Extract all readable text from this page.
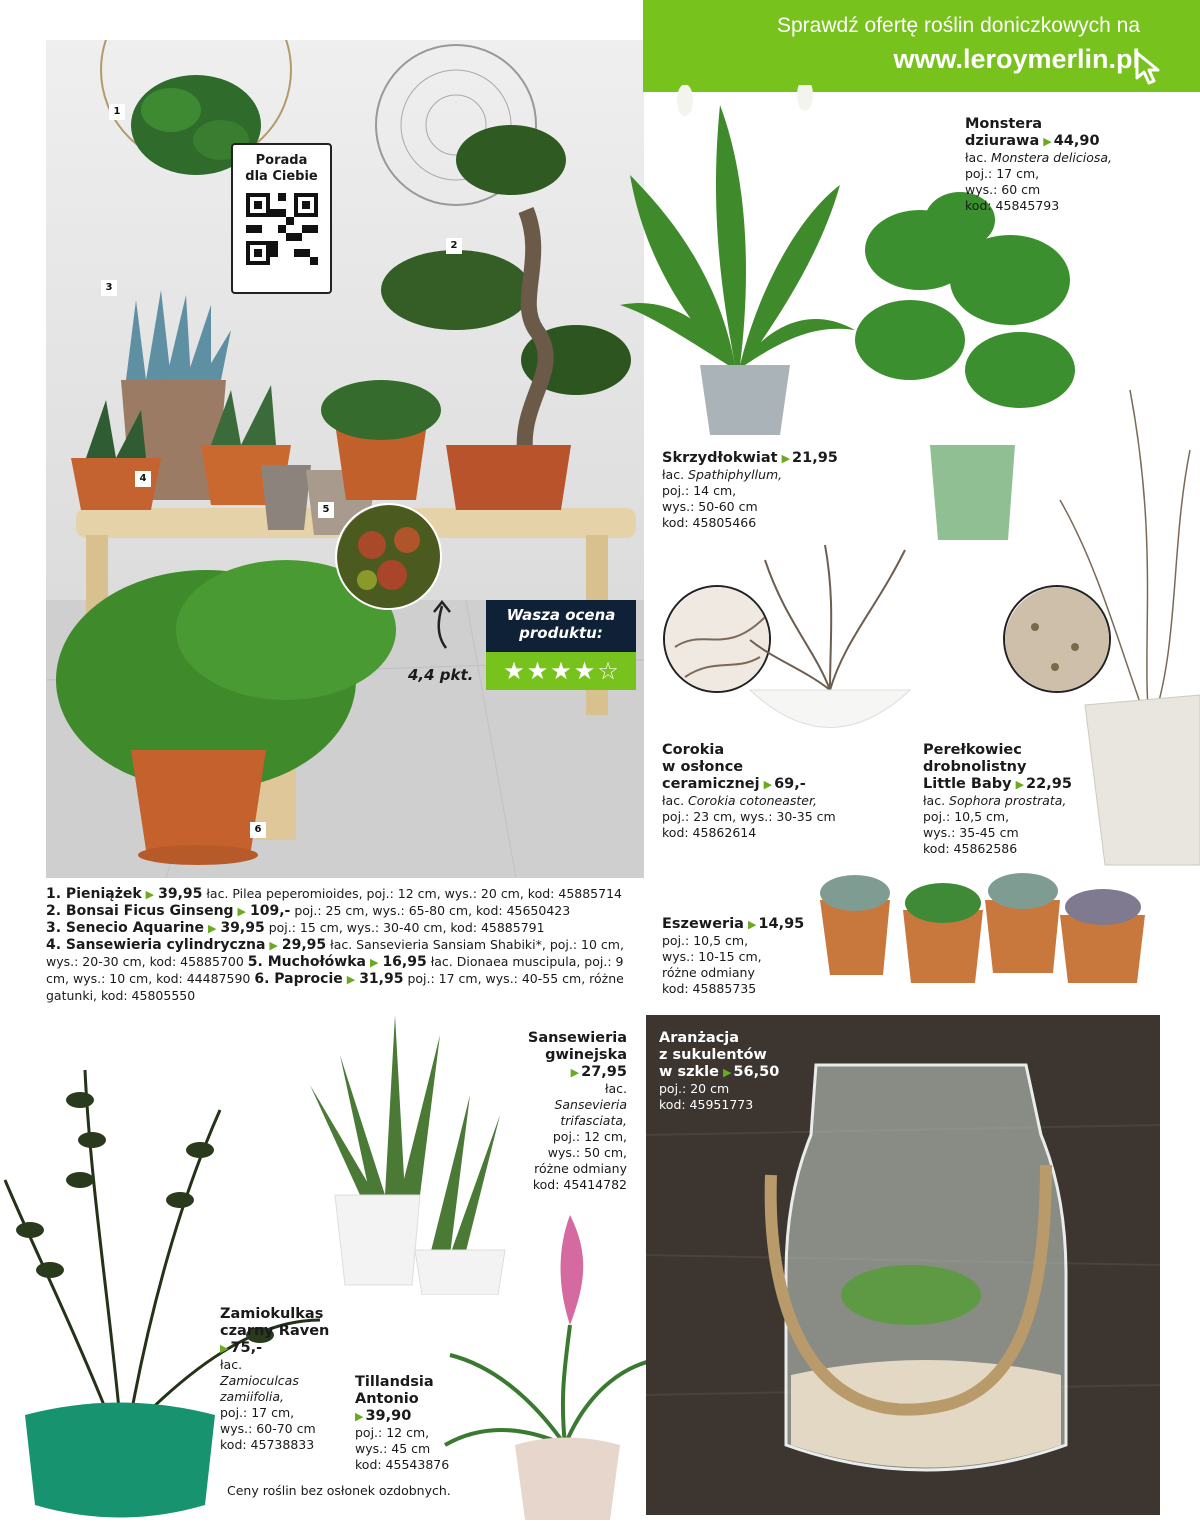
1
2
3
4
5
6
Porada
dla Ciebie
Wasza ocena
produktu:
★ ★ ★ ★ ☆
4,4 pkt.
1. Pieniążek ▶ 39,95 łac. Pilea peperomioides, poj.: 12 cm, wys.: 20 cm, kod: 45885714
2. Bonsai Ficus Ginseng ▶ 109,- poj.: 25 cm, wys.: 65-80 cm, kod: 45650423
3. Senecio Aquarine ▶ 39,95 poj.: 15 cm, wys.: 30-40 cm, kod: 45885791
4. Sansewieria cylindryczna ▶ 29,95 łac. Sansevieria Sansiam Shabiki*, poj.: 10 cm, wys.: 20-30 cm, kod: 45885700 5. Muchołówka ▶ 16,95 łac. Dionaea muscipula, poj.: 9 cm, wys.: 10 cm, kod: 44487590 6. Paprocie ▶ 31,95 poj.: 17 cm, wys.: 40-55 cm, różne gatunki, kod: 45805550
Sprawdź ofertę roślin doniczkowych na
www.leroymerlin.pl
Monstera
dziurawa ▶ 44,90
łac. Monstera deliciosa,
poj.: 17 cm,
wys.: 60 cm
kod: 45845793
Skrzydłokwiat ▶ 21,95
łac. Spathiphyllum,
poj.: 14 cm,
wys.: 50-60 cm
kod: 45805466
Corokia
w osłonce
ceramicznej ▶ 69,-
łac. Corokia cotoneaster,
poj.: 23 cm, wys.: 30-35 cm
kod: 45862614
Perełkowiec
drobnolistny
Little Baby ▶ 22,95
łac. Sophora prostrata,
poj.: 10,5 cm,
wys.: 35-45 cm
kod: 45862586
Eszeweria ▶ 14,95
poj.: 10,5 cm,
wys.: 10-15 cm,
różne odmiany
kod: 45885735
Sansewieria
gwinejska
▶ 27,95
łac.
Sansevieria
trifasciata,
poj.: 12 cm,
wys.: 50 cm,
różne odmiany
kod: 45414782
Aranżacja
z sukulentów
w szkle ▶ 56,50
poj.: 20 cm
kod: 45951773
Zamiokulkas
czarny Raven
▶ 75,-
łac.
Zamioculcas
zamiifolia,
poj.: 17 cm,
wys.: 60-70 cm
kod: 45738833
Tillandsia
Antonio
▶ 39,90
poj.: 12 cm,
wys.: 45 cm
kod: 45543876
Ceny roślin bez osłonek ozdobnych.
